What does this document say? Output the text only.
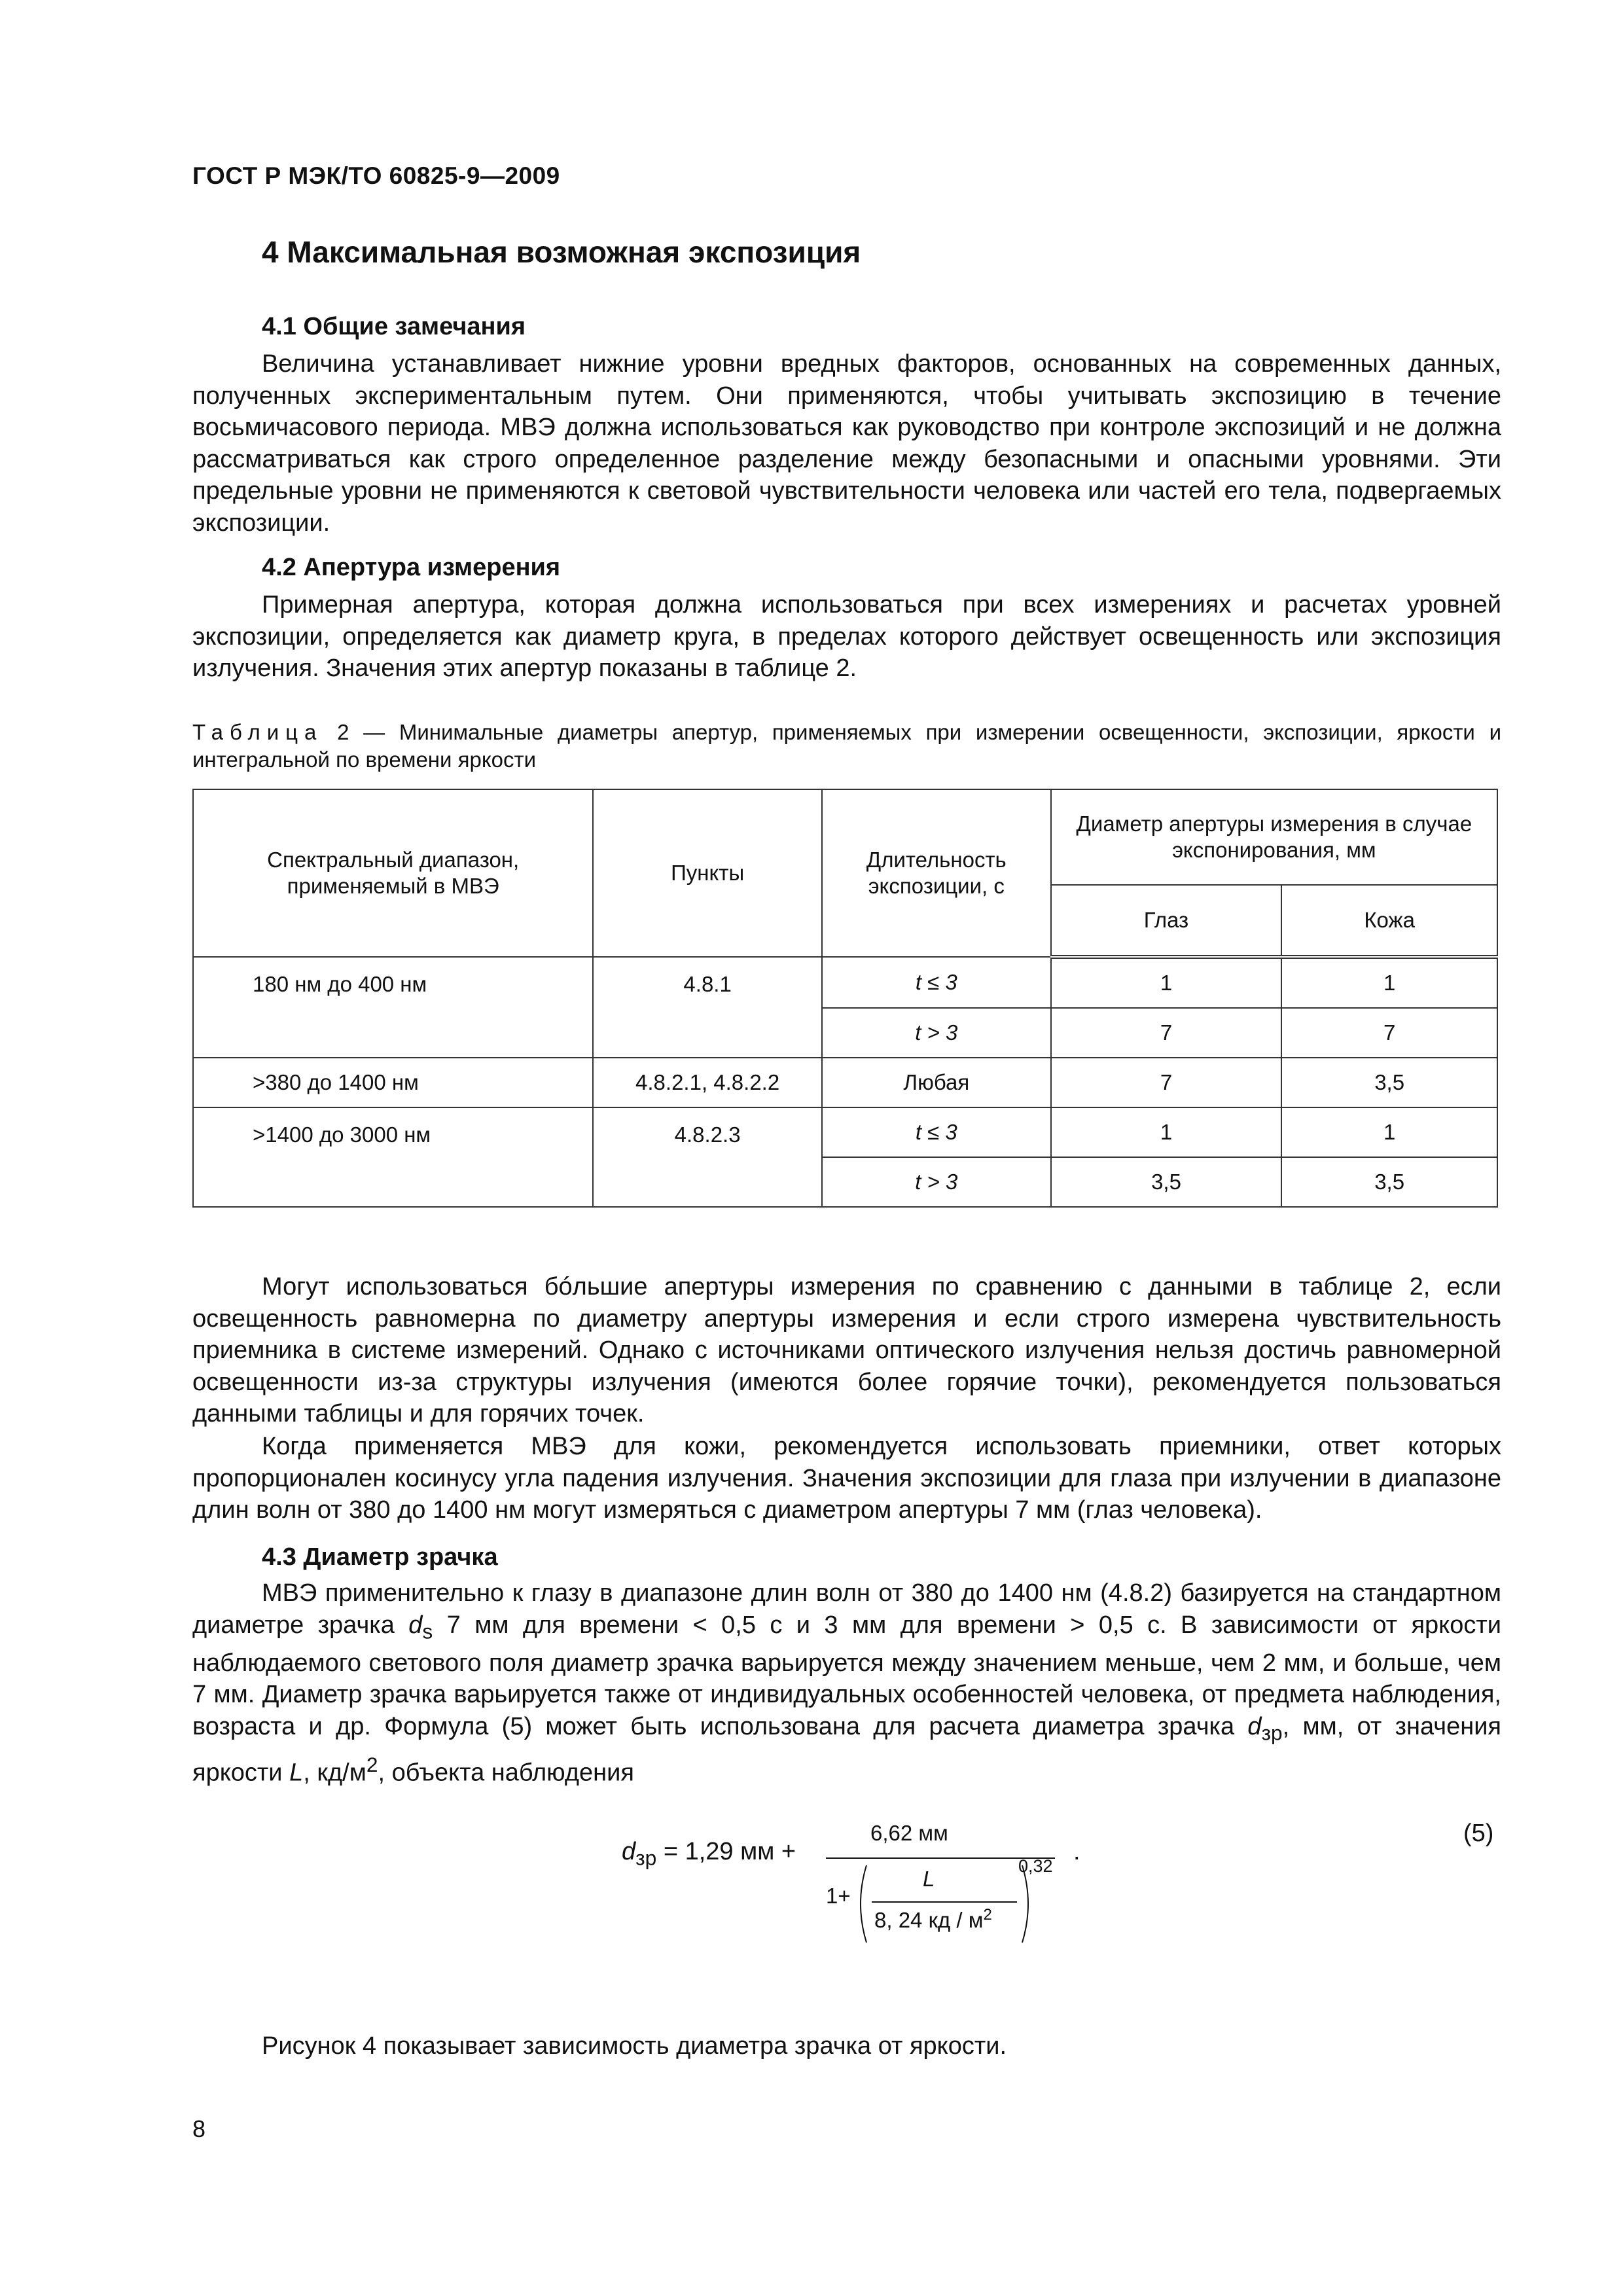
ГОСТ Р МЭК/ТО 60825-9—2009
4 Максимальная возможная экспозиция
4.1 Общие замечания

Величина устанавливает нижние уровни вредных факторов, основанных на современных данных, полученных экспериментальным путем. Они применяются, чтобы учитывать экспозицию в течение восьмичасового периода. МВЭ должна использоваться как руководство при контроле экспозиций и не должна рассматриваться как строго определенное разделение между безопасными и опасными уровнями. Эти предельные уровни не применяются к световой чувствительности человека или частей его тела, подвергаемых экспозиции.

4.2 Апертура измерения

Примерная апертура, которая должна использоваться при всех измерениях и расчетах уровней экспозиции, определяется как диаметр круга, в пределах которого действует освещенность или экспозиция излучения. Значения этих апертур показаны в таблице 2.

Таблица 2 — Минимальные диаметры апертур, применяемых при измерении освещенности, экспозиции, яркости и интегральной по времени яркости

Спектральный диапазон, применяемый в МВЭ	Пункты	Длительность экспозиции, с	Диаметр апертуры измерения в случае экспонирования, мм	
			Глаз	Кожа
180 нм до 400 нм	4.8.1	t ≤ 3	1	1
		t > 3	7	7
>380 до 1400 нм	4.8.2.1, 4.8.2.2	Любая	7	3,5
>1400 до 3000 нм	4.8.2.3	t ≤ 3	1	1
		t > 3	3,5	3,5

Могут использоваться бóльшие апертуры измерения по сравнению с данными в таблице 2, если освещенность равномерна по диаметру апертуры измерения и если строго измерена чувствительность приемника в системе измерений. Однако с источниками оптического излучения нельзя достичь равномерной освещенности из-за структуры излучения (имеются более горячие точки), рекомендуется пользоваться данными таблицы и для горячих точек.

Когда применяется МВЭ для кожи, рекомендуется использовать приемники, ответ которых пропорционален косинусу угла падения излучения. Значения экспозиции для глаза при излучении в диапазоне длин волн от 380 до 1400 нм могут измеряться с диаметром апертуры 7 мм (глаз человека).

4.3 Диаметр зрачка

МВЭ применительно к глазу в диапазоне длин волн от 380 до 1400 нм (4.8.2) базируется на стандартном диаметре зрачка $d_s$ 7 мм для времени < 0,5 с и 3 мм для времени > 0,5 с. В зависимости от яркости наблюдаемого светового поля диаметр зрачка варьируется между значением меньше, чем 2 мм, и больше, чем 7 мм. Диаметр зрачка варьируется также от индивидуальных особенностей человека, от предмета наблюдения, возраста и др. Формула (5) может быть использована для расчета диаметра зрачка $d_{зр}$, мм, от значения яркости L, $кд/м^2$, объекта наблюдения

$d_{зр} = 1,29$ мм +
6,62 мм
1+
L
8, 24 кд / $м^2$
0,32
.
(5)

Рисунок 4 показывает зависимость диаметра зрачка от яркости.

8
